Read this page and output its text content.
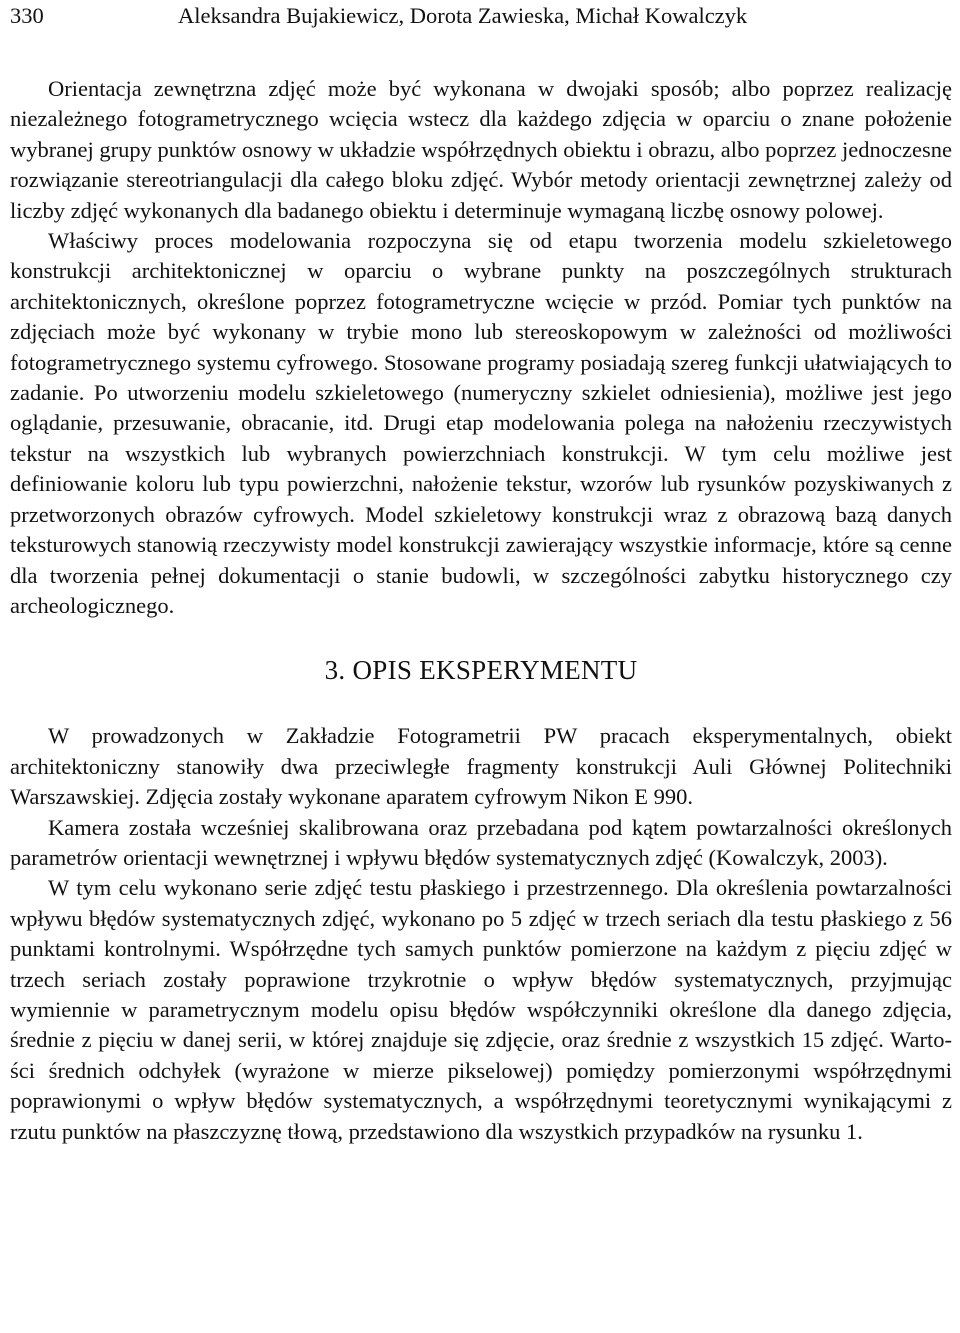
330	Aleksandra Bujakiewicz, Dorota Zawieska, Michał Kowalczyk

Orientacja zewnętrzna zdjęć może być wykonana w dwojaki sposób; albo poprzez realizację niezależnego fotogrametrycznego wcięcia wstecz dla każdego zdjęcia w oparciu o znane położenie wybranej grupy punktów osnowy w układzie współrzędnych obiektu i obrazu, albo poprzez jednoczesne rozwiązanie stereotriangulacji dla całego bloku zdjęć. Wybór metody orientacji zewnętrznej zależy od liczby zdjęć wykonanych dla badanego obiektu i determinuje wymaganą liczbę osnowy polowej.

Właściwy proces modelowania rozpoczyna się od etapu tworzenia modelu szkieletowego konstrukcji architektonicznej w oparciu o wybrane punkty na poszczególnych strukturach architektonicznych, określone poprzez fotogrametryczne wcięcie w przód. Pomiar tych punktów na zdjęciach może być wykonany w trybie mono lub stereoskopowym w zależności od możliwości fotogrametrycznego systemu cyfrowego. Stosowane programy posiadają szereg funkcji ułatwiających to zadanie. Po utworzeniu modelu szkieletowego (numeryczny szkielet odniesienia), możliwe jest jego oglądanie, przesuwanie, obracanie, itd. Drugi etap modelowania polega na nałożeniu rzeczywistych tekstur na wszystkich lub wybranych powierzchniach konstrukcji. W tym celu możliwe jest definiowanie koloru lub typu powierzchni, nałożenie tekstur, wzorów lub rysunków pozyskiwanych z przetworzonych obrazów cyfrowych. Model szkieletowy konstrukcji wraz z obrazową bazą danych teksturowych stanowią rzeczywisty model konstrukcji zawierający wszystkie informacje, które są cenne dla tworzenia pełnej dokumentacji o stanie budowli, w szczególności zabytku historycznego czy archeologicznego.

3. OPIS EKSPERYMENTU

W prowadzonych w Zakładzie Fotogrametrii PW pracach eksperymentalnych, obiekt architektoniczny stanowiły dwa przeciwległe fragmenty konstrukcji Auli Głównej Politechniki Warszawskiej. Zdjęcia zostały wykonane aparatem cyfrowym Nikon E 990.

Kamera została wcześniej skalibrowana oraz przebadana pod kątem powtarzalności określonych parametrów orientacji wewnętrznej i wpływu błędów systematycznych zdjęć (Kowalczyk, 2003).

W tym celu wykonano serie zdjęć testu płaskiego i przestrzennego. Dla określenia powtarzalności wpływu błędów systematycznych zdjęć, wykonano po 5 zdjęć w trzech seriach dla testu płaskiego z 56 punktami kontrolnymi. Współrzędne tych samych punktów pomierzone na każdym z pięciu zdjęć w trzech seriach zostały poprawione trzykrotnie o wpływ błędów systematycznych, przyjmując wymiennie w parametrycznym modelu opisu błędów współczynniki określone dla danego zdjęcia, średnie z pięciu w danej serii, w której znajduje się zdjęcie, oraz średnie z wszystkich 15 zdjęć. Wartości średnich odchyłek (wyrażone w mierze pikselowej) pomiędzy pomierzonymi współrzędnymi poprawionymi o wpływ błędów systematycznych, a współrzędnymi teoretycznymi wynikającymi z rzutu punktów na płaszczyznę tłową, przedstawiono dla wszystkich przypadków na rysunku 1.
